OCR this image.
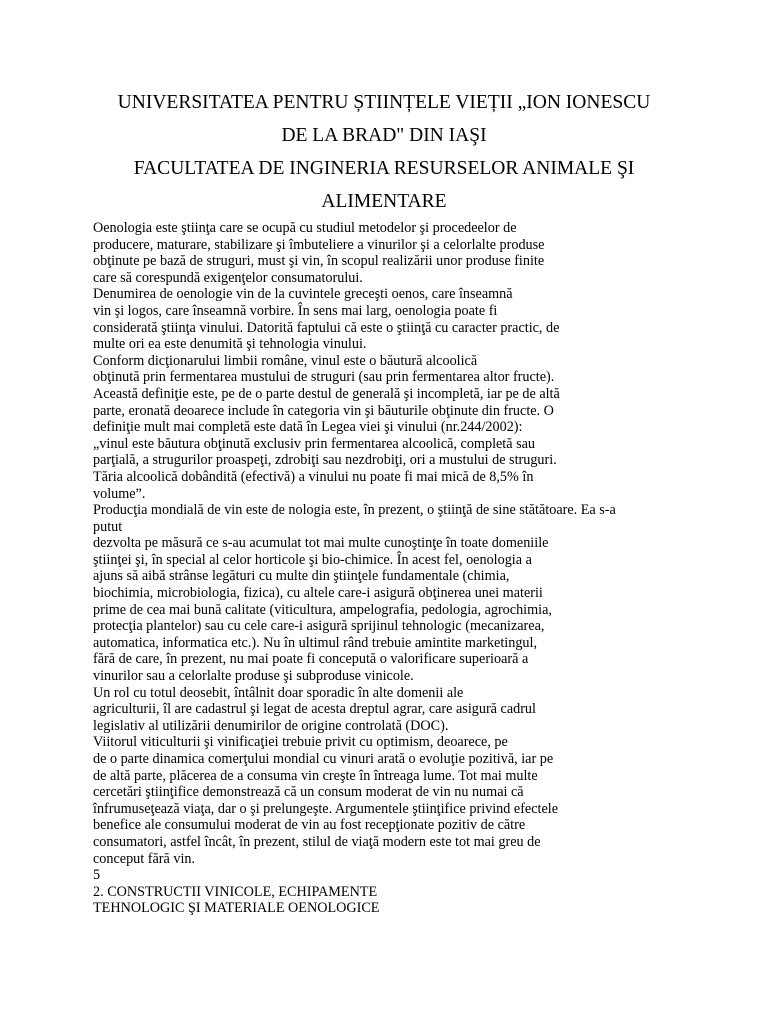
UNIVERSITATEA PENTRU ȘTIINȚELE VIEȚII „ION IONESCU

DE LA BRAD" DIN IAŞI

FACULTATEA DE INGINERIA RESURSELOR ANIMALE ŞI

ALIMENTARE

Oenologia este ştiinţa care se ocupă cu studiul metodelor şi procedeelor de
producere, maturare, stabilizare şi îmbuteliere a vinurilor şi a celorlalte produse
obţinute pe bază de struguri, must şi vin, în scopul realizării unor produse finite
care să corespundă exigenţelor consumatorului.
Denumirea de oenologie vin de la cuvintele greceşti oenos, care înseamnă
vin şi logos, care înseamnă vorbire. În sens mai larg, oenologia poate fi
considerată ştiinţa vinului. Datorită faptului că este o ştiinţă cu caracter practic, de
multe ori ea este denumită şi tehnologia vinului.
Conform dicţionarului limbii române, vinul este o băutură alcoolică
obţinută prin fermentarea mustului de struguri (sau prin fermentarea altor fructe).
Această definiţie este, pe de o parte destul de generală şi incompletă, iar pe de altă
parte, eronată deoarece include în categoria vin şi băuturile obţinute din fructe. O
definiţie mult mai completă este dată în Legea viei şi vinului (nr.244/2002):
„vinul este băutura obţinută exclusiv prin fermentarea alcoolică, completă sau
parţială, a strugurilor proaspeţi, zdrobiţi sau nezdrobiţi, ori a mustului de struguri.
Tăria alcoolică dobândită (efectivă) a vinului nu poate fi mai mică de 8,5% în
volume”.
Producţia mondială de vin este de nologia este, în prezent, o ştiinţă de sine stătătoare. Ea s-a putut
dezvolta pe măsură ce s-au acumulat tot mai multe cunoştinţe în toate domeniile
ştiinţei şi, în special al celor horticole şi bio-chimice. În acest fel, oenologia a
ajuns să aibă strânse legături cu multe din ştiinţele fundamentale (chimia,
biochimia, microbiologia, fizica), cu altele care-i asigură obţinerea unei materii
prime de cea mai bună calitate (viticultura, ampelografia, pedologia, agrochimia,
protecţia plantelor) sau cu cele care-i asigură sprijinul tehnologic (mecanizarea,
automatica, informatica etc.). Nu în ultimul rând trebuie amintite marketingul,
fără de care, în prezent, nu mai poate fi concepută o valorificare superioară a
vinurilor sau a celorlalte produse şi subproduse vinicole.
Un rol cu totul deosebit, întâlnit doar sporadic în alte domenii ale
agriculturii, îl are cadastrul şi legat de acesta dreptul agrar, care asigură cadrul
legislativ al utilizării denumirilor de origine controlată (DOC).
Viitorul viticulturii şi vinificaţiei trebuie privit cu optimism, deoarece, pe
de o parte dinamica comerţului mondial cu vinuri arată o evoluţie pozitivă, iar pe
de altă parte, plăcerea de a consuma vin creşte în întreaga lume. Tot mai multe
cercetări ştiinţifice demonstrează că un consum moderat de vin nu numai că
înfrumuseţează viaţa, dar o şi prelungeşte. Argumentele ştiinţifice privind efectele
benefice ale consumului moderat de vin au fost recepţionate pozitiv de către
consumatori, astfel încât, în prezent, stilul de viaţă modern este tot mai greu de
conceput fără vin.
5
2. CONSTRUCTII VINICOLE, ECHIPAMENTE
TEHNOLOGIC ŞI MATERIALE OENOLOGICE
